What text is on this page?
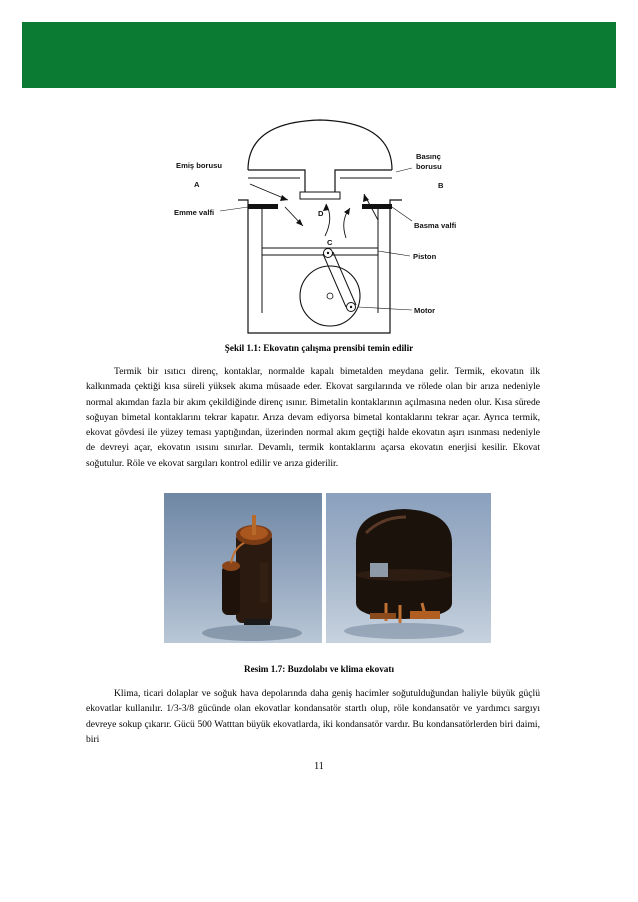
Emiş borusu
Basınç
borusu
A	B
D
C
Emme valfi
Basma valfi
Piston
Motor
Şekil 1.1: Ekovatın çalışma prensibi temin edilir

Termik bir ısıtıcı direnç, kontaklar, normalde kapalı bimetalden meydana gelir. Termik, ekovatın ilk kalkınmada çektiği kısa süreli yüksek akıma müsaade eder. Ekovat sargılarında ve rölede olan bir arıza nedeniyle normal akımdan fazla bir akım çekildiğinde direnç ısınır. Bimetalin kontaklarının açılmasına neden olur. Kısa sürede soğuyan bimetal kontaklarını tekrar kapatır. Arıza devam ediyorsa bimetal kontaklarını tekrar açar. Ayrıca termik, ekovat gövdesi ile yüzey teması yaptığından, üzerinden normal akım geçtiği halde ekovatın aşırı ısınması nedeniyle de devreyi açar, ekovatın ısısını sınırlar. Devamlı, termik kontaklarını açarsa ekovatın enerjisi kesilir. Ekovat soğutulur. Röle ve ekovat sargıları kontrol edilir ve arıza giderilir.

Resim 1.7: Buzdolabı ve klima ekovatı

Klima, ticari dolaplar ve soğuk hava depolarında daha geniş hacimler soğutulduğundan haliyle büyük güçlü ekovatlar kullanılır. 1/3-3/8 gücünde olan ekovatlar kondansatör startlı olup, röle kondansatör ve yardımcı sargıyı devreye sokup çıkarır. Gücü 500 Watttan büyük ekovatlarda, iki kondansatör vardır. Bu kondansatörlerden biri daimi, biri

11
